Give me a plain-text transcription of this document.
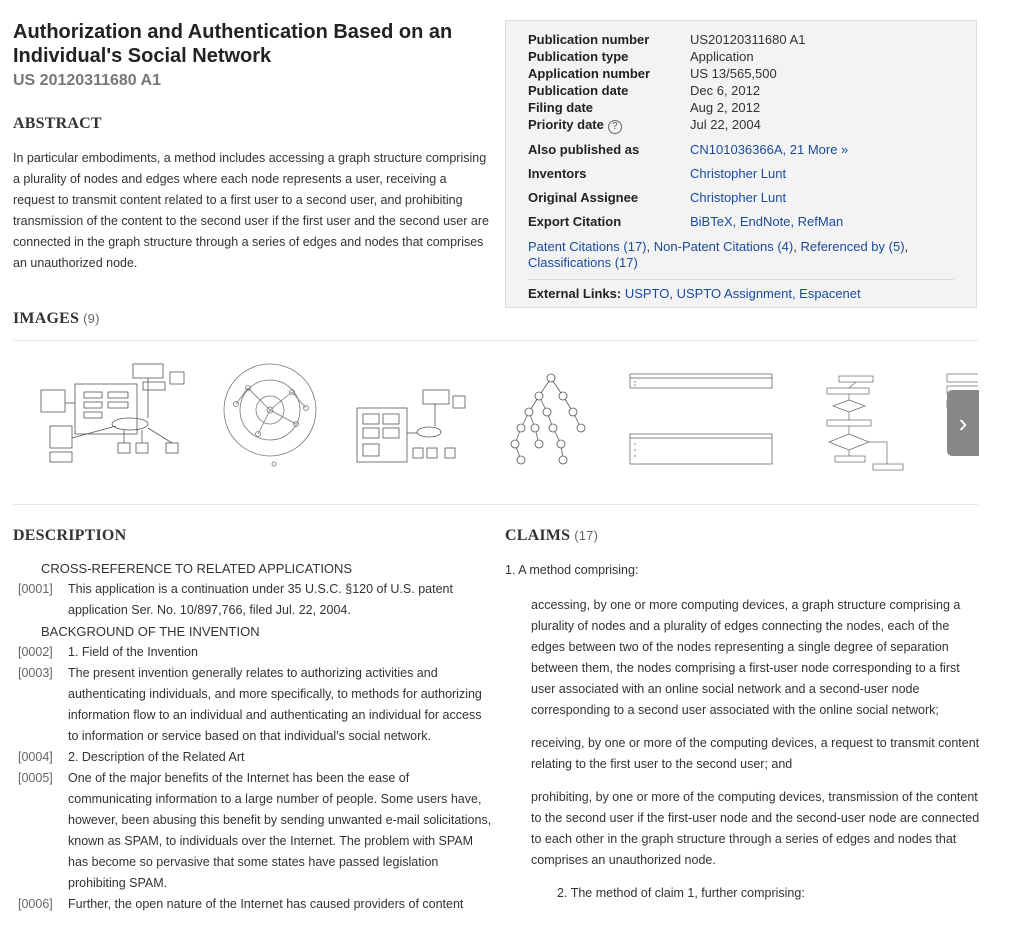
Authorization and Authentication Based on an Individual's Social Network
US 20120311680 A1
ABSTRACT
In particular embodiments, a method includes accessing a graph structure comprising a plurality of nodes and edges where each node represents a user, receiving a request to transmit content related to a first user to a second user, and prohibiting transmission of the content to the second user if the first user and the second user are connected in the graph structure through a series of edges and nodes that comprises an unauthorized node.
Publication number	US20120311680 A1
Publication type	Application
Application number	US 13/565,500
Publication date	Dec 6, 2012
Filing date	Aug 2, 2012
Priority date ?	Jul 22, 2004
Also published as	CN101036366A, 21 More »
Inventors	Christopher Lunt
Original Assignee	Christopher Lunt
Export Citation	BiBTeX, EndNote, RefMan
Patent Citations (17), Non-Patent Citations (4), Referenced by (5),
Classifications (17)
External Links: USPTO, USPTO Assignment, Espacenet
IMAGES (9)
›
DESCRIPTION
CROSS-REFERENCE TO RELATED APPLICATIONS
[0001]	This application is a continuation under 35 U.S.C. §120 of U.S. patent application Ser. No. 10/897,766, filed Jul. 22, 2004.
BACKGROUND OF THE INVENTION
[0002]	1. Field of the Invention
[0003]	The present invention generally relates to authorizing activities and authenticating individuals, and more specifically, to methods for authorizing information flow to an individual and authenticating an individual for access to information or service based on that individual's social network.
[0004]	2. Description of the Related Art
[0005]	One of the major benefits of the Internet has been the ease of communicating information to a large number of people. Some users have, however, been abusing this benefit by sending unwanted e-mail solicitations, known as SPAM, to individuals over the Internet. The problem with SPAM has become so pervasive that some states have passed legislation prohibiting SPAM.
[0006]	Further, the open nature of the Internet has caused providers of content
CLAIMS (17)
1. A method comprising:
accessing, by one or more computing devices, a graph structure comprising a plurality of nodes and a plurality of edges connecting the nodes, each of the edges between two of the nodes representing a single degree of separation between them, the nodes comprising a first-user node corresponding to a first user associated with an online social network and a second-user node corresponding to a second user associated with the online social network;
receiving, by one or more of the computing devices, a request to transmit content relating to the first user to the second user; and
prohibiting, by one or more of the computing devices, transmission of the content to the second user if the first-user node and the second-user node are connected to each other in the graph structure through a series of edges and nodes that comprises an unauthorized node.
2. The method of claim 1, further comprising:
